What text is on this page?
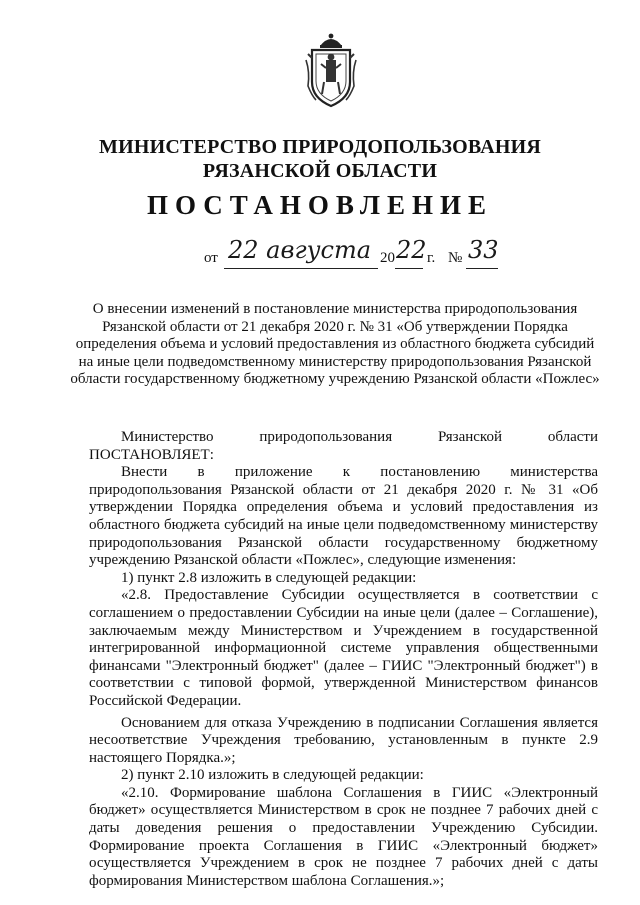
МИНИСТЕРСТВО ПРИРОДОПОЛЬЗОВАНИЯ
РЯЗАНСКОЙ ОБЛАСТИ
ПОСТАНОВЛЕНИЕ
от 22 августа 20 22 г. № 33
О внесении изменений в постановление министерства природопользования Рязанской области от 21 декабря 2020 г. № 31 «Об утверждении Порядка определения объема и условий предоставления из областного бюджета субсидий на иные цели подведомственному министерству природопользования Рязанской области государственному бюджетному учреждению Рязанской области «Пожлес»

Министерство природопользования Рязанской области ПОСТАНОВЛЯЕТ:

Внести в приложение к постановлению министерства природопользования Рязанской области от 21 декабря 2020 г. № 31 «Об утверждении Порядка определения объема и условий предоставления из областного бюджета субсидий на иные цели подведомственному министерству природопользования Рязанской области государственному бюджетному учреждению Рязанской области «Пожлес», следующие изменения:

1) пункт 2.8 изложить в следующей редакции:

«2.8. Предоставление Субсидии осуществляется в соответствии с соглашением о предоставлении Субсидии на иные цели (далее – Соглашение), заключаемым между Министерством и Учреждением в государственной интегрированной информационной системе управления общественными финансами "Электронный бюджет" (далее – ГИИС "Электронный бюджет") в соответствии с типовой формой, утвержденной Министерством финансов Российской Федерации.

Основанием для отказа Учреждению в подписании Соглашения является несоответствие Учреждения требованию, установленным в пункте 2.9 настоящего Порядка.»;

2) пункт 2.10 изложить в следующей редакции:

«2.10. Формирование шаблона Соглашения в ГИИС «Электронный бюджет» осуществляется Министерством в срок не позднее 7 рабочих дней с даты доведения решения о предоставлении Учреждению Субсидии. Формирование проекта Соглашения в ГИИС «Электронный бюджет» осуществляется Учреждением в срок не позднее 7 рабочих дней с даты формирования Министерством шаблона Соглашения.»;
